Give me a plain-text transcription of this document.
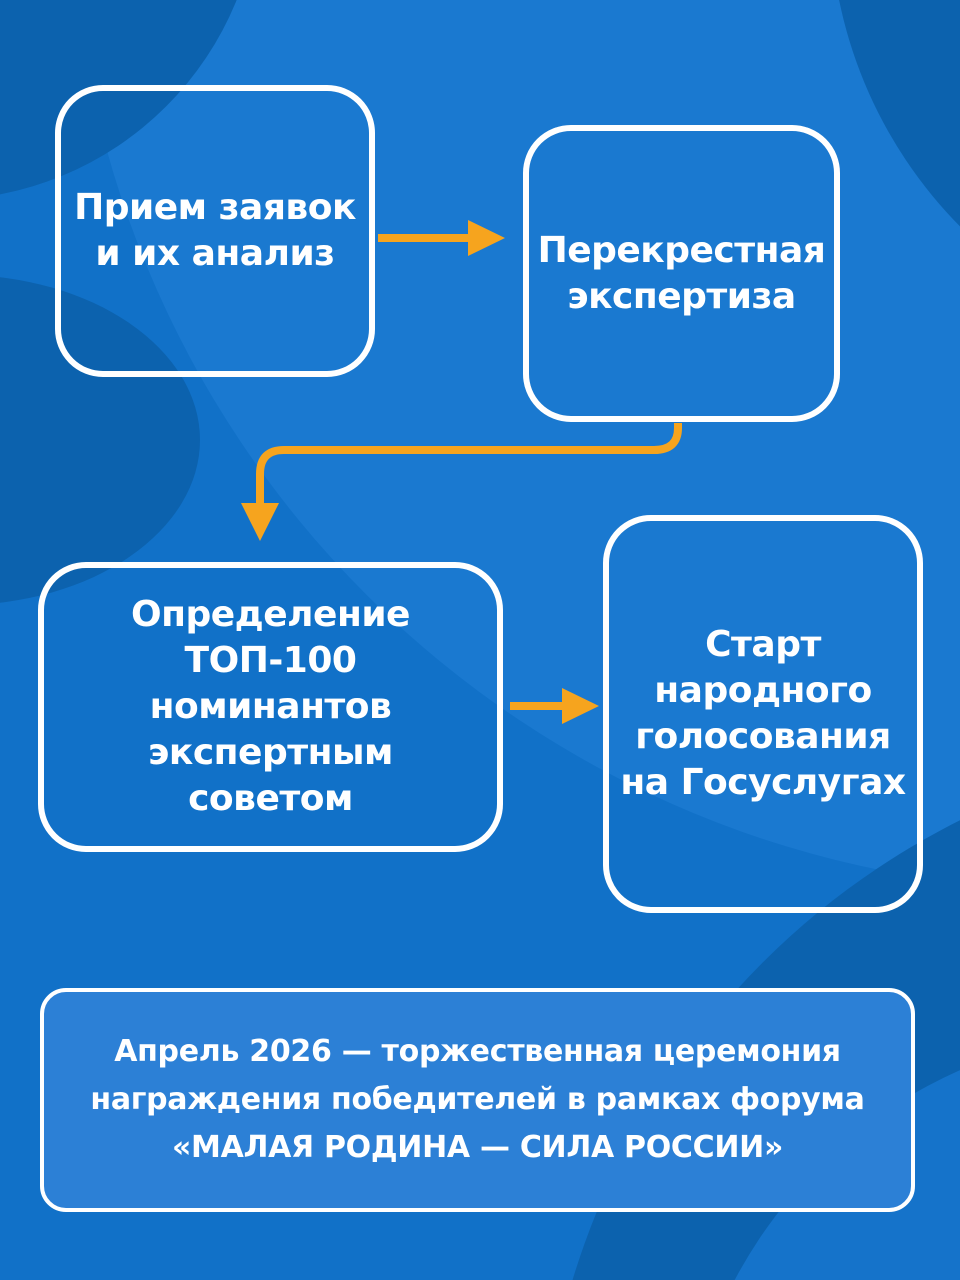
Прием заявок
и их анализ	Перекрестная
экспертиза
Определение
ТОП-100
номинантов
экспертным
советом
Старт
народного
голосования
на Госуслугах
Апрель 2026 — торжественная церемония
награждения победителей в рамках форума
«МАЛАЯ РОДИНА — СИЛА РОССИИ»
